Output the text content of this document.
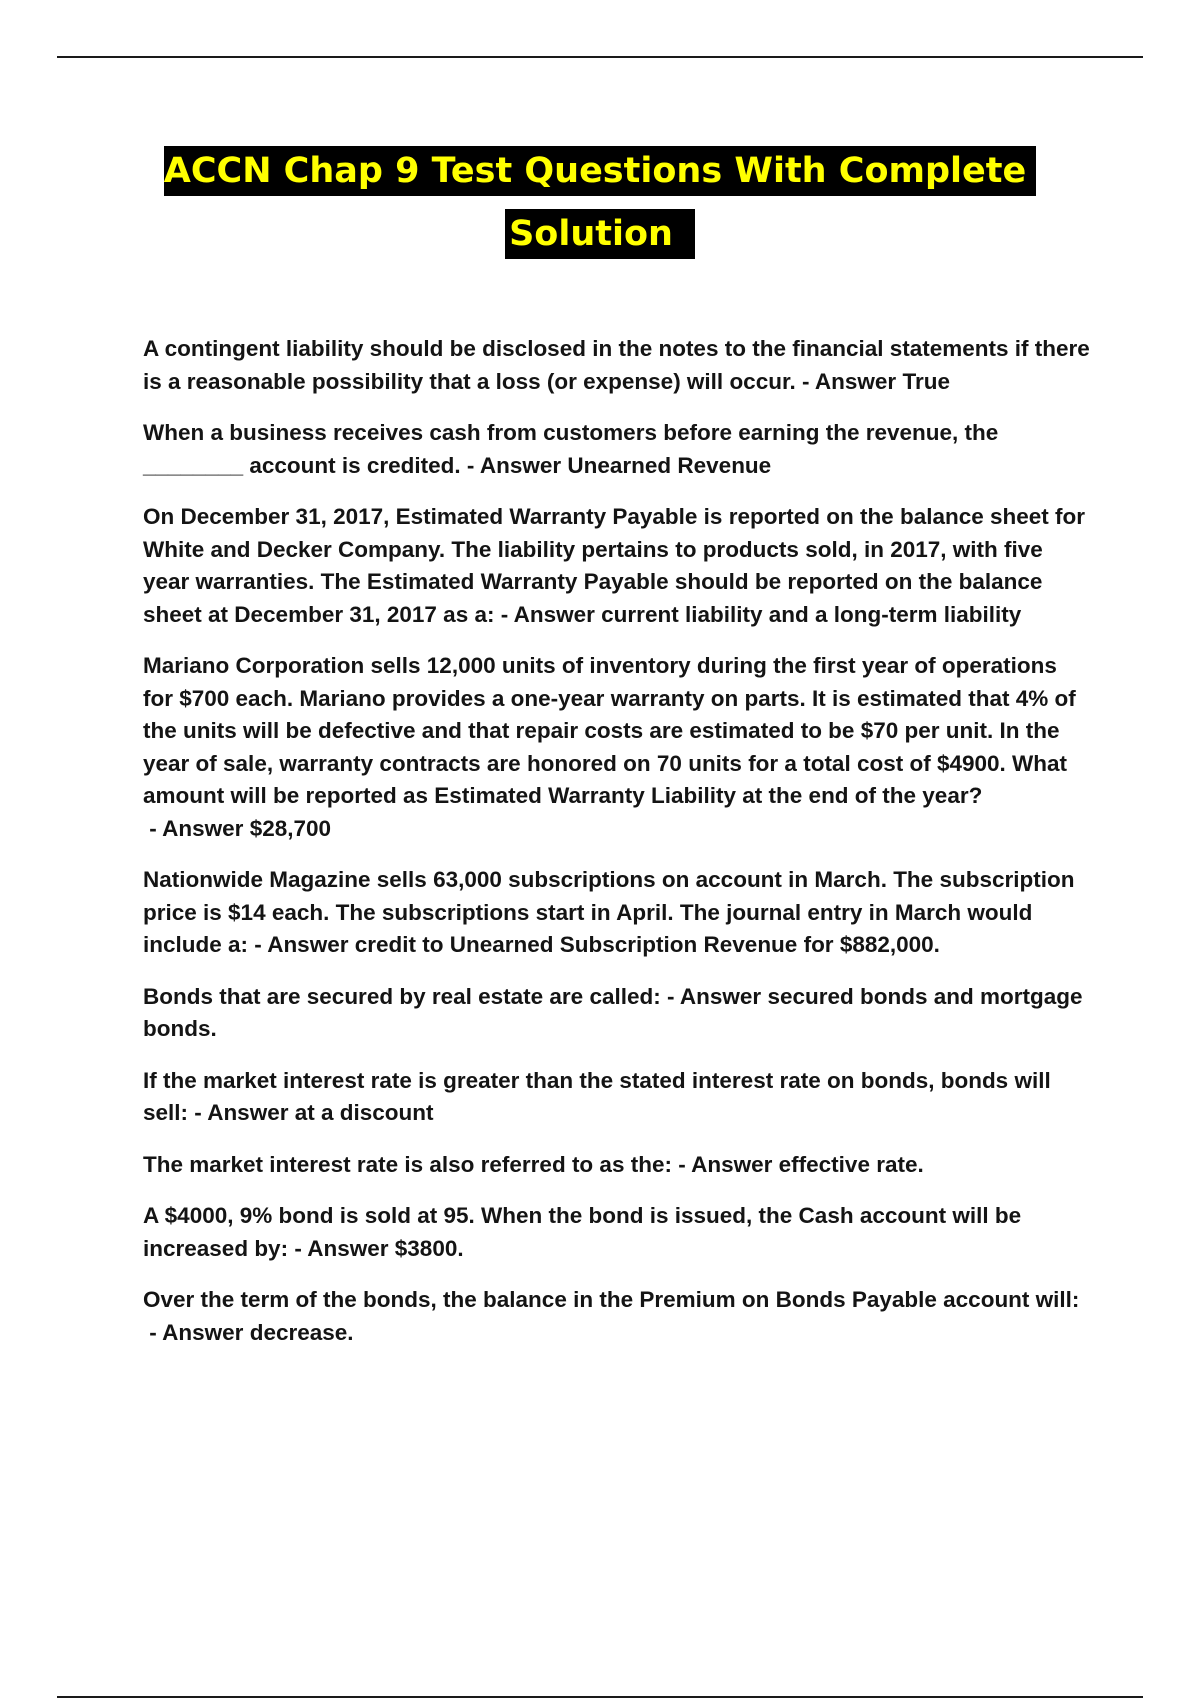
ACCN Chap 9 Test Questions With Complete
Solution

A contingent liability should be disclosed in the notes to the financial statements if there is a reasonable possibility that a loss (or expense) will occur. - Answer True

When a business receives cash from customers before earning the revenue, the ________ account is credited. - Answer Unearned Revenue

On December 31, 2017, Estimated Warranty Payable is reported on the balance sheet for White and Decker Company. The liability pertains to products sold, in 2017, with five year warranties. The Estimated Warranty Payable should be reported on the balance sheet at December 31, 2017 as a: - Answer current liability and a long-term liability

Mariano Corporation sells 12,000 units of inventory during the first year of operations for $700 each. Mariano provides a one-year warranty on parts. It is estimated that 4% of the units will be defective and that repair costs are estimated to be $70 per unit. In the year of sale, warranty contracts are honored on 70 units for a total cost of $4900. What amount will be reported as Estimated Warranty Liability at the end of the year? - Answer $28,700

Nationwide Magazine sells 63,000 subscriptions on account in March. The subscription price is $14 each. The subscriptions start in April. The journal entry in March would include a: - Answer credit to Unearned Subscription Revenue for $882,000.

Bonds that are secured by real estate are called: - Answer secured bonds and mortgage bonds.

If the market interest rate is greater than the stated interest rate on bonds, bonds will sell: - Answer at a discount

The market interest rate is also referred to as the: - Answer effective rate.

A $4000, 9% bond is sold at 95. When the bond is issued, the Cash account will be increased by: - Answer $3800.

Over the term of the bonds, the balance in the Premium on Bonds Payable account will: - Answer decrease.
